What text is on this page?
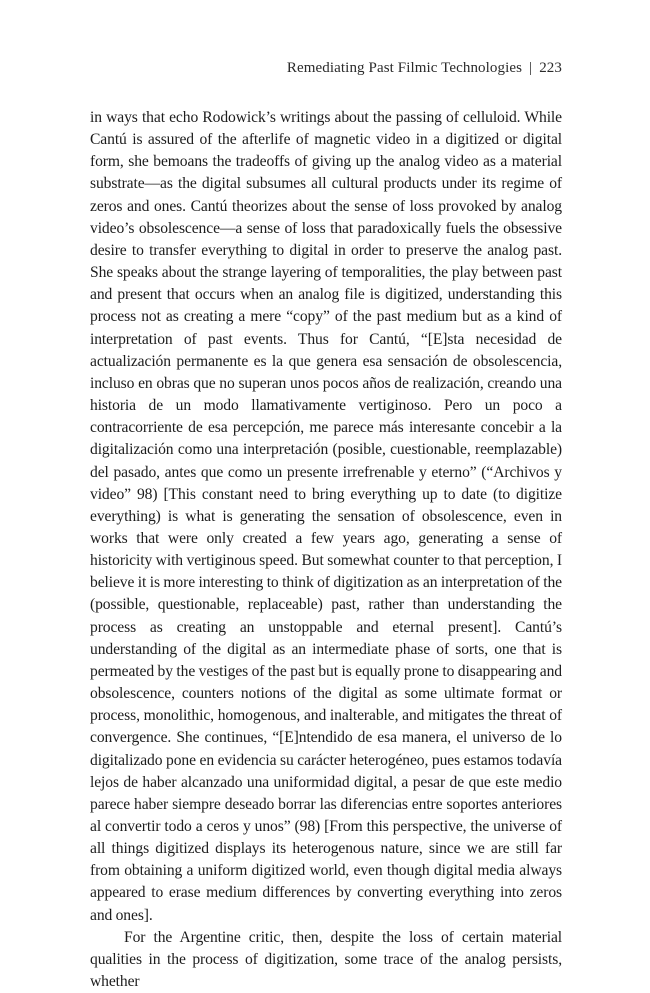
Remediating Past Filmic Technologies | 223

in ways that echo Rodowick’s writings about the passing of celluloid. While Cantú is assured of the afterlife of magnetic video in a digitized or digital form, she bemoans the tradeoffs of giving up the analog video as a material substrate—as the digital subsumes all cultural products under its regime of zeros and ones. Cantú theorizes about the sense of loss provoked by analog video’s obsolescence—a sense of loss that paradoxically fuels the obsessive desire to transfer everything to digital in order to preserve the analog past. She speaks about the strange layering of temporalities, the play between past and present that occurs when an analog file is digitized, understanding this process not as creating a mere “copy” of the past medium but as a kind of interpretation of past events. Thus for Cantú, “[E]sta necesidad de actualización permanente es la que genera esa sensación de obsolescencia, incluso en obras que no superan unos pocos años de realización, creando una historia de un modo llamativamente vertiginoso. Pero un poco a contracorriente de esa percepción, me parece más interesante concebir a la digitalización como una interpretación (posible, cuestionable, reemplazable) del pasado, antes que como un presente irrefrenable y eterno” (“Archivos y video” 98) [This constant need to bring everything up to date (to digitize everything) is what is generating the sensation of obsolescence, even in works that were only created a few years ago, generating a sense of historicity with vertiginous speed. But somewhat counter to that perception, I believe it is more interesting to think of digitization as an interpretation of the (possible, questionable, replaceable) past, rather than understanding the process as creating an unstoppable and eternal present]. Cantú’s understanding of the digital as an intermediate phase of sorts, one that is permeated by the vestiges of the past but is equally prone to disappearing and obsolescence, counters notions of the digital as some ultimate format or process, monolithic, homogenous, and inalterable, and mitigates the threat of convergence. She continues, “[E]ntendido de esa manera, el universo de lo digitalizado pone en evidencia su carácter heterogéneo, pues estamos todavía lejos de haber alcanzado una uniformidad digital, a pesar de que este medio parece haber siempre deseado borrar las diferencias entre soportes anteriores al convertir todo a ceros y unos” (98) [From this perspective, the universe of all things digitized displays its heterogenous nature, since we are still far from obtaining a uniform digitized world, even though digital media always appeared to erase medium differences by converting everything into zeros and ones].

For the Argentine critic, then, despite the loss of certain material qualities in the process of digitization, some trace of the analog persists, whether
